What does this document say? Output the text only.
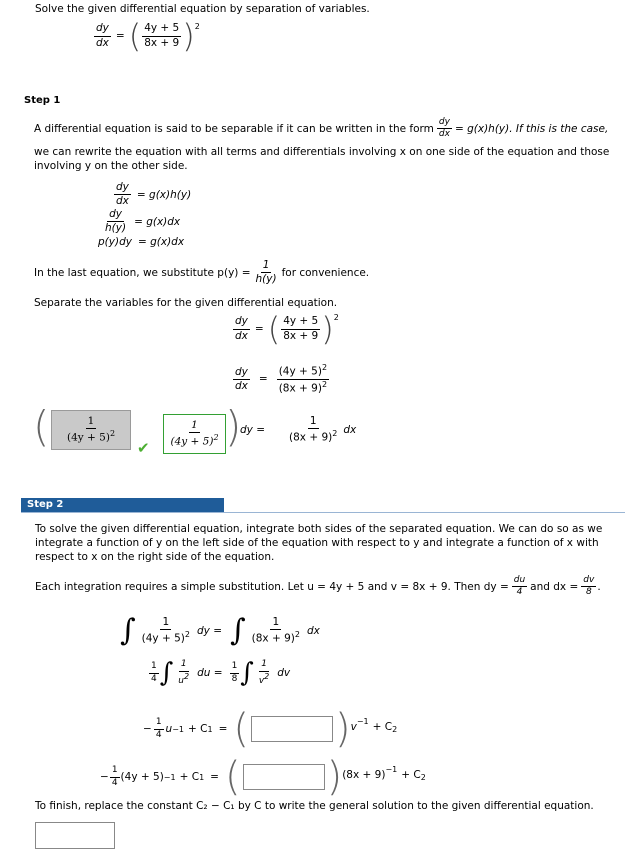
Solve the given differential equation by separation of variables.
$\frac{dy}{dx}$ = ( $\frac{4y + 5}{8x + 9}$ ) 2
Step 1
A differential equation is said to be separable if it can be written in the form $\frac{dy}{dx} = g(x)h(y)$. If this is the case,
we can rewrite the equation with all terms and differentials involving x on one side of the equation and those
involving y on the other side.
$\frac{dy}{dx} = g(x)h(y)$
$\frac{dy}{h(y)} = g(x)dx$
p(y)dy = g(x)dx
In the last equation, we substitute $p(y) = \frac{1}{h(y)}$ for convenience.
Separate the variables for the given differential equation.
$\frac{dy}{dx}$ = ( $\frac{4y + 5}{8x + 9}$ ) 2
$\frac{dy}{dx} = \frac{(4y + 5)^2}{(8x + 9)^2}$
( $\frac{1}{(4y + 5)^2}$
✔
$\frac{1}{(4y + 5)^2}$ )
dy = $\frac{1}{(8x + 9)^2}$ dx
Step 2
To solve the given differential equation, integrate both sides of the separated equation. We can do so as we
integrate a function of y on the left side of the equation with respect to y and integrate a function of x with
respect to x on the right side of the equation.
Each integration requires a simple substitution. Let u = 4y + 5 and v = 8x + 9. Then dy = $\frac{du}{4}$ and dx = $\frac{dv}{8}$ .
∫ $\frac{1}{(4y + 5)^2}$ dy = ∫ $\frac{1}{(8x + 9)^2}$ dx
$\frac{1}{4}$ ∫ $\frac{1}{u2}$ du = $\frac{1}{8}$ ∫ $\frac{1}{v2}$ dv
− $\frac{1}{4}$ u −1 + C 1 = ( ) v −1 + C 2
− $\frac{1}{4} (4y + 5) -1 + C$ 1 = ( ) (8x + 9) −1 + C 2
To finish, replace the constant C₂ − C₁ by C to write the general solution to the given differential equation.
